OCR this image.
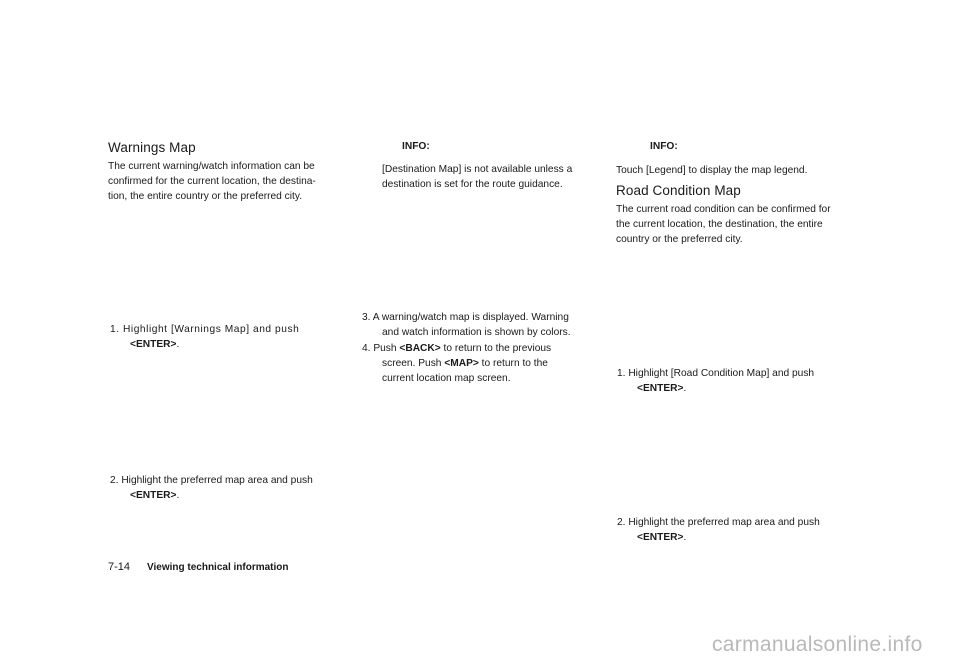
Warnings Map
The current warning/watch information can be
confirmed for the current location, the destina-
tion, the entire country or the preferred city.
1. Highlight [Warnings Map] and push
<ENTER>.
2. Highlight the preferred map area and push
<ENTER>.
INFO:
[Destination Map] is not available unless a
destination is set for the route guidance.
3. A warning/watch map is displayed. Warning
and watch information is shown by colors.
4. Push <BACK> to return to the previous
screen. Push <MAP> to return to the
current location map screen.
INFO:
Touch [Legend] to display the map legend.
Road Condition Map
The current road condition can be confirmed for
the current location, the destination, the entire
country or the preferred city.
1. Highlight [Road Condition Map] and push
<ENTER>.
2. Highlight the preferred map area and push
<ENTER>.
7-14 Viewing technical information
carmanualsonline.info
